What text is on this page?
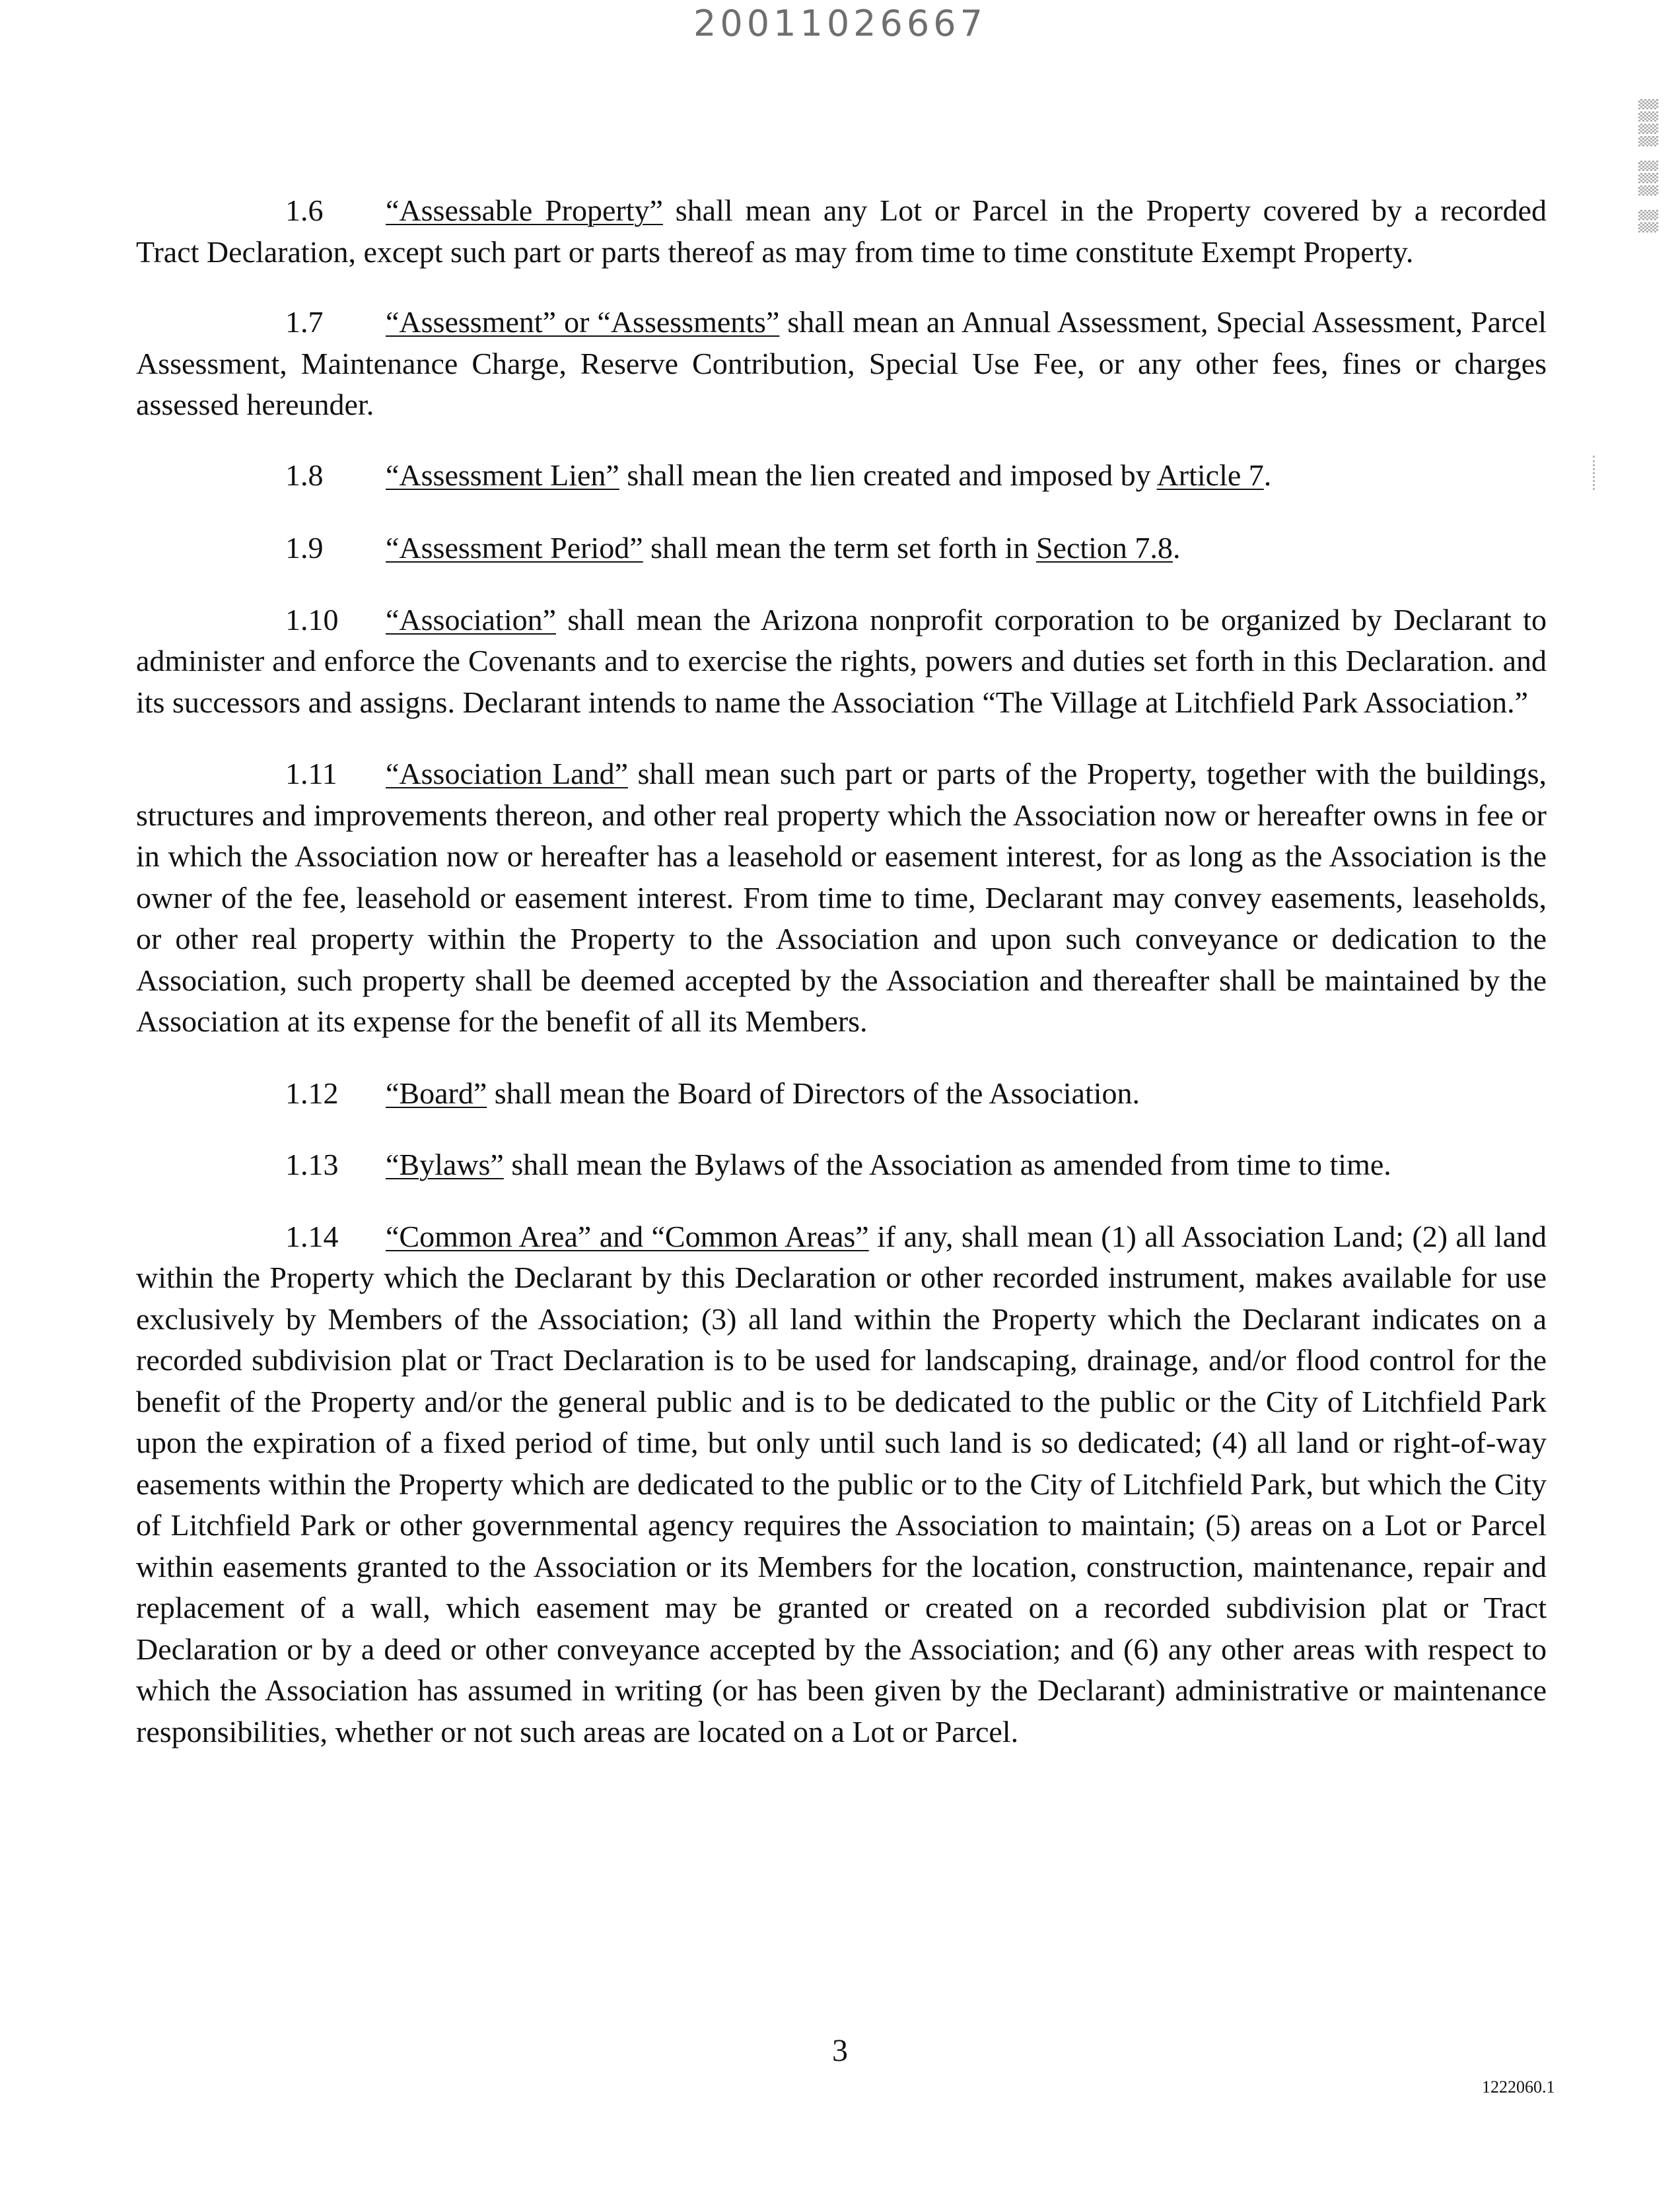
20011026667
▒▒▒▒ ▒▒▒ ▒▒

1.6 “Assessable Property” shall mean any Lot or Parcel in the Property covered by a recorded Tract Declaration, except such part or parts thereof as may from time to time constitute Exempt Property.

1.7 “Assessment” or “Assessments” shall mean an Annual Assessment, Special Assessment, Parcel Assessment, Maintenance Charge, Reserve Contribution, Special Use Fee, or any other fees, fines or charges assessed hereunder.

1.8 “Assessment Lien” shall mean the lien created and imposed by Article 7.

1.9 “Assessment Period” shall mean the term set forth in Section 7.8.

1.10 “Association” shall mean the Arizona nonprofit corporation to be organized by Declarant to administer and enforce the Covenants and to exercise the rights, powers and duties set forth in this Declaration. and its successors and assigns. Declarant intends to name the Association “The Village at Litchfield Park Association.”

1.11 “Association Land” shall mean such part or parts of the Property, together with the buildings, structures and improvements thereon, and other real property which the Association now or hereafter owns in fee or in which the Association now or hereafter has a leasehold or easement interest, for as long as the Association is the owner of the fee, leasehold or easement interest. From time to time, Declarant may convey easements, leaseholds, or other real property within the Property to the Association and upon such conveyance or dedication to the Association, such property shall be deemed accepted by the Association and thereafter shall be maintained by the Association at its expense for the benefit of all its Members.

1.12 “Board” shall mean the Board of Directors of the Association.

1.13 “Bylaws” shall mean the Bylaws of the Association as amended from time to time.

1.14 “Common Area” and “Common Areas” if any, shall mean (1) all Association Land; (2) all land within the Property which the Declarant by this Declaration or other recorded instrument, makes available for use exclusively by Members of the Association; (3) all land within the Property which the Declarant indicates on a recorded subdivision plat or Tract Declaration is to be used for landscaping, drainage, and/or flood control for the benefit of the Property and/or the general public and is to be dedicated to the public or the City of Litchfield Park upon the expiration of a fixed period of time, but only until such land is so dedicated; (4) all land or right-of-way easements within the Property which are dedicated to the public or to the City of Litchfield Park, but which the City of Litchfield Park or other governmental agency requires the Association to maintain; (5) areas on a Lot or Parcel within easements granted to the Association or its Members for the location, construction, maintenance, repair and replacement of a wall, which easement may be granted or created on a recorded subdivision plat or Tract Declaration or by a deed or other conveyance accepted by the Association; and (6) any other areas with respect to which the Association has assumed in writing (or has been given by the Declarant) administrative or maintenance responsibilities, whether or not such areas are located on a Lot or Parcel.

3
1222060.1
